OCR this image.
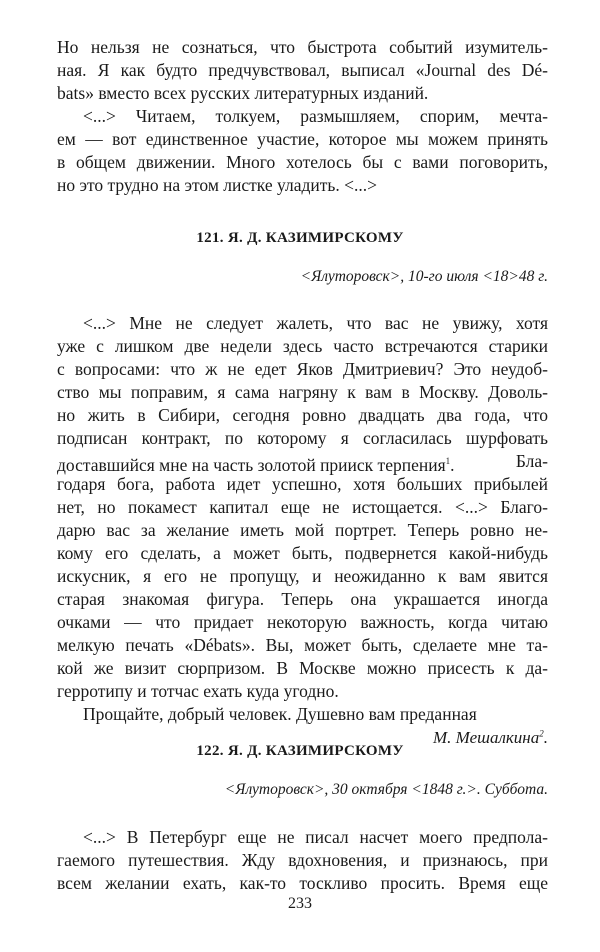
Но нельзя не сознаться, что быстрота событий изумитель-
ная. Я как будто предчувствовал, выписал «Journal des Dé-
bats» вместо всех русских литературных изданий.
<...> Читаем, толкуем, размышляем, спорим, мечта-
ем — вот единственное участие, которое мы можем принять
в общем движении. Много хотелось бы с вами поговорить,
но это трудно на этом листке уладить. <...>
121. Я. Д. КАЗИМИРСКОМУ
<Ялуторовск>, 10-го июля <18>48 г.
<...> Мне не следует жалеть, что вас не увижу, хотя
уже с лишком две недели здесь часто встречаются старики
с вопросами: что ж не едет Яков Дмитриевич? Это неудоб-
ство мы поправим, я сама нагряну к вам в Москву. Доволь-
но жить в Сибири, сегодня ровно двадцать два года, что
подписан контракт, по которому я согласилась шурфовать
доставшийся мне на часть золотой прииск терпения$^1$.	Бла-
годаря бога, работа идет успешно, хотя больших прибылей
нет, но покамест капитал еще не истощается. <...> Благо-
дарю вас за желание иметь мой портрет. Теперь ровно не-
кому его сделать, а может быть, подвернется какой-нибудь
искусник, я его не пропущу, и неожиданно к вам явится
старая знакомая фигура. Теперь она украшается иногда
очками — что придает некоторую важность, когда читаю
мелкую печать «Débats». Вы, может быть, сделаете мне та-
кой же визит сюрпризом. В Москве можно присесть к да-
герротипу и тотчас ехать куда угодно.
Прощайте, добрый человек. Душевно вам преданная
М. Мешалкина$^2$.
122. Я. Д. КАЗИМИРСКОМУ
<Ялуторовск>, 30 октября <1848 г.>. Суббота.
<...> В Петербург еще не писал насчет моего предпола-
гаемого путешествия. Жду вдохновения, и признаюсь, при
всем желании ехать, как-то тоскливо просить. Время еще
233
